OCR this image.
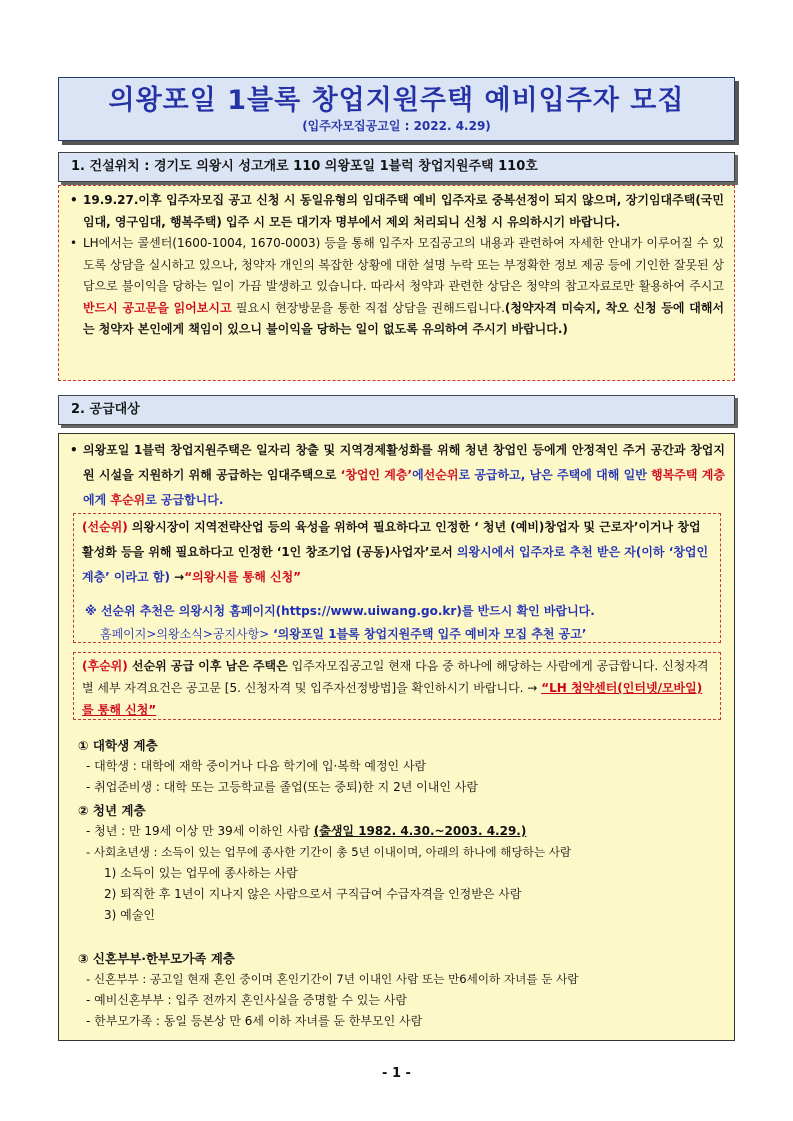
의왕포일 1블록 창업지원주택 예비입주자 모집
(입주자모집공고일 : 2022. 4.29)
1. 건설위치 : 경기도 의왕시 성고개로 110 의왕포일 1블럭 창업지원주택 110호
• 19.9.27.이후 입주자모집 공고 신청 시 동일유형의 임대주택 예비 입주자로 중복선정이 되지 않으며, 장기임대주택(국민임대, 영구임대, 행복주택) 입주 시 모든 대기자 명부에서 제외 처리되니 신청 시 유의하시기 바랍니다.
• LH에서는 콜센터(1600-1004, 1670-0003) 등을 통해 입주자 모집공고의 내용과 관련하여 자세한 안내가 이루어질 수 있도록 상담을 실시하고 있으나, 청약자 개인의 복잡한 상황에 대한 설명 누락 또는 부정확한 정보 제공 등에 기인한 잘못된 상담으로 불이익을 당하는 일이 가끔 발생하고 있습니다. 따라서 청약과 관련한 상담은 청약의 참고자료로만 활용하여 주시고 반드시 공고문을 읽어보시고 필요시 현장방문을 통한 직접 상담을 권해드립니다.(청약자격 미숙지, 착오 신청 등에 대해서는 청약자 본인에게 책임이 있으니 불이익을 당하는 일이 없도록 유의하여 주시기 바랍니다.)
2. 공급대상
• 의왕포일 1블럭 창업지원주택은 일자리 창출 및 지역경제활성화를 위해 청년 창업인 등에게 안정적인 주거 공간과 창업지원 시설을 지원하기 위해 공급하는 임대주택으로 ‘창업인 계층’에선순위로 공급하고, 남은 주택에 대해 일반 행복주택 계층에게 후순위로 공급합니다.
(선순위) 의왕시장이 지역전략산업 등의 육성을 위하여 필요하다고 인정한 ‘ 청년 (예비)창업자 및 근로자’이거나 창업활성화 등을 위해 필요하다고 인정한 ‘1인 창조기업 (공동)사업자’로서 의왕시에서 입주자로 추천 받은 자(이하 ‘창업인 계층’ 이라고 함) →“의왕시를 통해 신청”
※ 선순위 추천은 의왕시청 홈페이지(https://www.uiwang.go.kr)를 반드시 확인 바랍니다.
홈페이지>의왕소식>공지사항> ‘의왕포일 1블록 창업지원주택 입주 예비자 모집 추천 공고’
(후순위) 선순위 공급 이후 남은 주택은 입주자모집공고일 현재 다음 중 하나에 해당하는 사람에게 공급합니다. 신청자격별 세부 자격요건은 공고문 [5. 신청자격 및 입주자선정방법]을 확인하시기 바랍니다. → “LH 청약센터(인터넷/모바일)를 통해 신청”
① 대학생 계층
- 대학생 : 대학에 재학 중이거나 다음 학기에 입·복학 예정인 사람
- 취업준비생 : 대학 또는 고등학교를 졸업(또는 중퇴)한 지 2년 이내인 사람
② 청년 계층
- 청년 : 만 19세 이상 만 39세 이하인 사람 (출생일 1982. 4.30.~2003. 4.29.)
- 사회초년생 : 소득이 있는 업무에 종사한 기간이 총 5년 이내이며, 아래의 하나에 해당하는 사람
1) 소득이 있는 업무에 종사하는 사람
2) 퇴직한 후 1년이 지나지 않은 사람으로서 구직급여 수급자격을 인정받은 사람
3) 예술인
③ 신혼부부·한부모가족 계층
- 신혼부부 : 공고일 현재 혼인 중이며 혼인기간이 7년 이내인 사람 또는 만6세이하 자녀를 둔 사람
- 예비신혼부부 : 입주 전까지 혼인사실을 증명할 수 있는 사람
- 한부모가족 : 동일 등본상 만 6세 이하 자녀를 둔 한부모인 사람
- 1 -
